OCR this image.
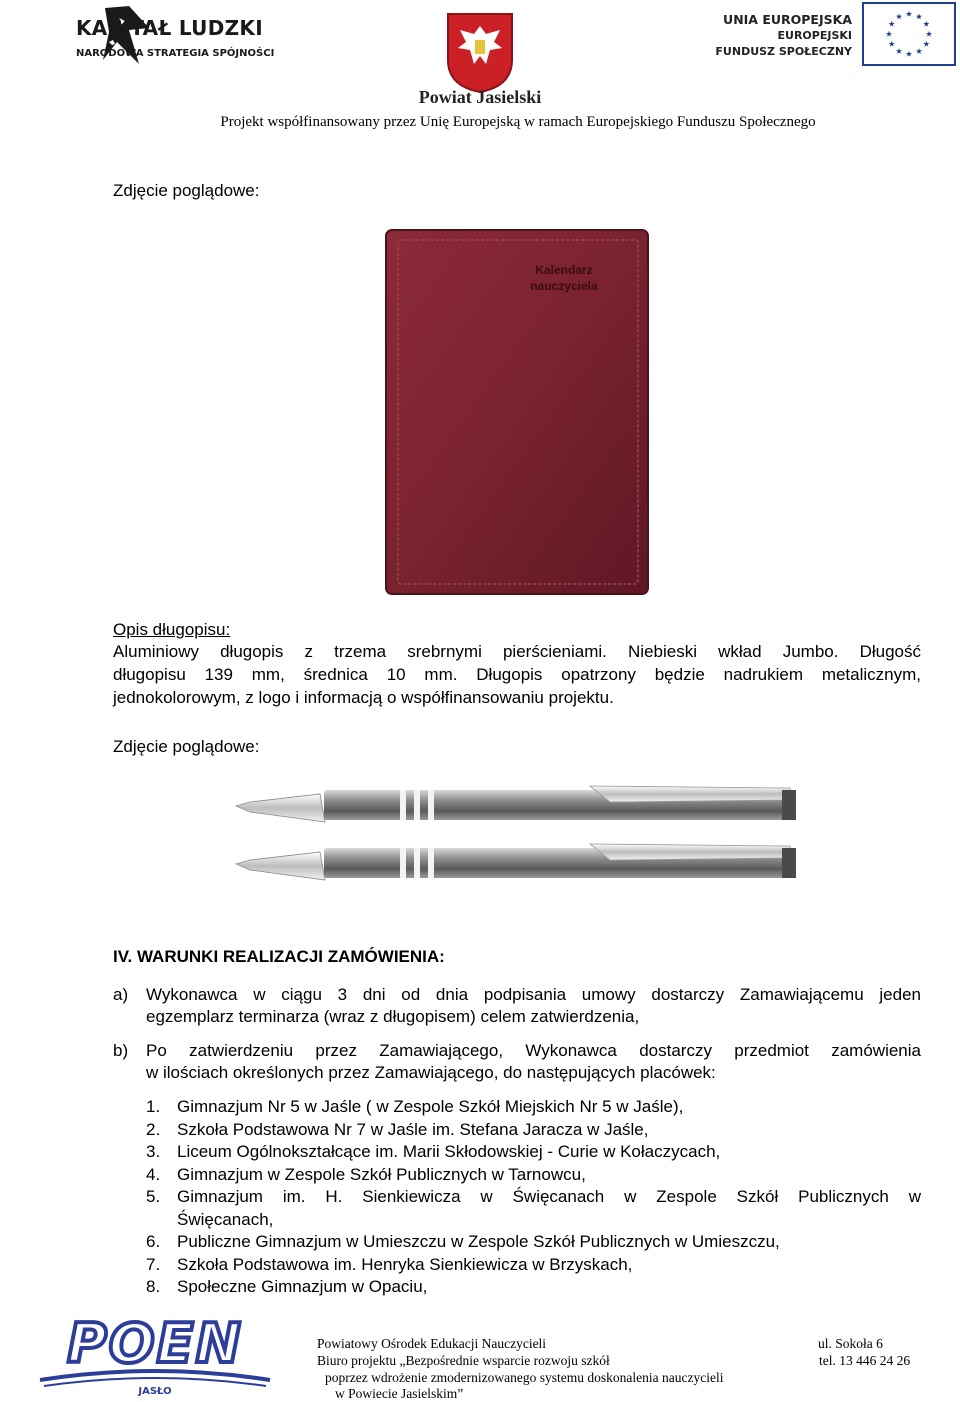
KAPITAŁ LUDZKI
NARODOWA STRATEGIA SPÓJNOŚCI
Powiat Jasielski
UNIA EUROPEJSKA
EUROPEJSKI
FUNDUSZ SPOŁECZNY
Projekt współfinansowany przez Unię Europejską w ramach Europejskiego Funduszu Społecznego
Zdjęcie poglądowe:
Kalendarz
nauczyciela
Opis długopisu:
Aluminiowy długopis z trzema srebrnymi pierścieniami. Niebieski wkład Jumbo. Długość
długopisu 139 mm, średnica 10 mm. Długopis opatrzony będzie nadrukiem metalicznym,
jednokolorowym, z logo i informacją o współfinansowaniu projektu.
Zdjęcie poglądowe:
IV. WARUNKI REALIZACJI ZAMÓWIENIA:
a) Wykonawca w ciągu 3 dni od dnia podpisania umowy dostarczy Zamawiającemu jeden
egzemplarz terminarza (wraz z długopisem) celem zatwierdzenia,
b) Po zatwierdzeniu przez Zamawiającego, Wykonawca dostarczy przedmiot zamówienia
w ilościach określonych przez Zamawiającego, do następujących placówek:
1. Gimnazjum Nr 5 w Jaśle ( w Zespole Szkół Miejskich Nr 5 w Jaśle),
2. Szkoła Podstawowa Nr 7 w Jaśle im. Stefana Jaracza w Jaśle,
3. Liceum Ogólnokształcące im. Marii Skłodowskiej - Curie w Kołaczycach,
4. Gimnazjum w Zespole Szkół Publicznych w Tarnowcu,
5. Gimnazjum im. H. Sienkiewicza w Święcanach w Zespole Szkół Publicznych w
Święcanach,
6. Publiczne Gimnazjum w Umieszczu w Zespole Szkół Publicznych w Umieszczu,
7. Szkoła Podstawowa im. Henryka Sienkiewicza w Brzyskach,
8. Społeczne Gimnazjum w Opaciu,
POEN
JASŁO
Powiatowy Ośrodek Edukacji Nauczycieli
Biuro projektu „Bezpośrednie wsparcie rozwoju szkół
poprzez wdrożenie zmodernizowanego systemu doskonalenia nauczycieli
w Powiecie Jasielskim”
ul. Sokoła 6
tel. 13 446 24 26
